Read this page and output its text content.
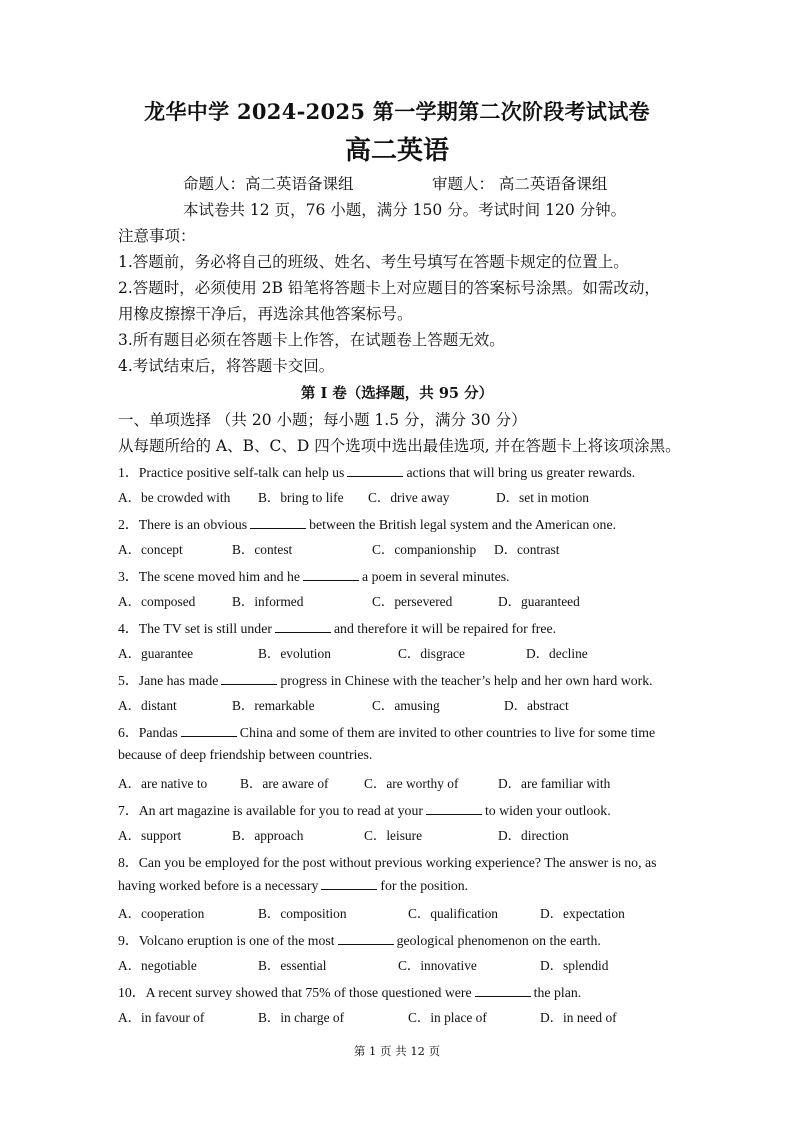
龙华中学 2024-2025 第一学期第二次阶段考试试卷
高二英语
命题人：高二英语备课组	审题人： 高二英语备课组
本试卷共 12 页，76 小题，满分 150 分。考试时间 120 分钟。
注意事项：
1.答题前，务必将自己的班级、姓名、考生号填写在答题卡规定的位置上。
2.答题时，必须使用 2B 铅笔将答题卡上对应题目的答案标号涂黑。如需改动，
用橡皮擦擦干净后，再选涂其他答案标号。
3.所有题目必须在答题卡上作答，在试题卷上答题无效。
4.考试结束后，将答题卡交回。
第 I 卷（选择题，共 95 分）
一、单项选择 （共 20 小题；每小题 1.5 分，满分 30 分）
从每题所给的 A、B、C、D 四个选项中选出最佳选项, 并在答题卡上将该项涂黑。
1．Practice positive self-talk can help us	actions that will bring us greater rewards.
A．be crowded with B．bring to life C．drive away	D．set in motion
2．There is an obvious	between the British legal system and the American one.
A．concept	B．contest	C．companionship D．contrast
3．The scene moved him and he	a poem in several minutes.
A．composed	B．informed	C．persevered	D．guaranteed
4．The TV set is still under	and therefore it will be repaired for free.
A．guarantee	B．evolution	C．disgrace	D．decline
5．Jane has made	progress in Chinese with the teacher’s help and her own hard work.
A．distant	B．remarkable	C．amusing	D．abstract
6．Pandas	China and some of them are invited to other countries to live for some time
because of deep friendship between countries.
A．are native to B．are aware of	C．are worthy of	D．are familiar with
7．An art magazine is available for you to read at your	to widen your outlook.
A．support	B．approach	C．leisure	D．direction
8．Can you be employed for the post without previous working experience? The answer is no, as
having worked before is a necessary	for the position.
A．cooperation	B．composition	C．qualification	D．expectation
9．Volcano eruption is one of the most	geological phenomenon on the earth.
A．negotiable	B．essential	C．innovative	D．splendid
10．A recent survey showed that 75% of those questioned were	the plan.
A．in favour of	B．in charge of	C．in place of	D．in need of
第 1 页 共 12 页
